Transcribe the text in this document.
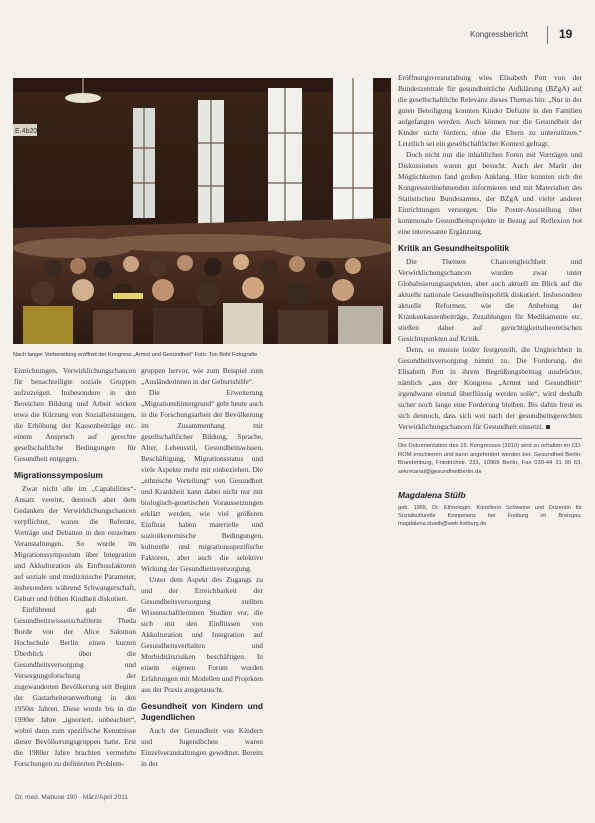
Kongressbericht	19
E.4b20
Nach langer Vorbereitung eröffnet der Kongress „Armut und Gesundheit“ Foto: Ton Bohl Fotografie

Einrichtungen, Verwirklichungschancen für benachteiligte soziale Gruppen aufzuzeigen. Insbesondere in den Bereichen Bildung und Arbeit wirken etwa die Kürzung von Sozialleistungen, die Erhöhung der Kassenbeiträge etc. einem Anspruch auf gerechte gesellschaftliche Bedingungen für Gesundheit entgegen.

Migrationssymposium

Zwar nicht alle im „Capabilities“-Ansatz vereint, dennoch aber dem Gedanken der Verwirklichungschancen verpflichtet, waren die Referate, Vorträge und Debatten in den einzelnen Veranstaltungen. So wurde im Migrationssymposium über Integration und Akkulturation als Einflussfaktoren auf soziale und medizinische Parameter, insbesondere während Schwangerschaft, Geburt und frühen Kindheit diskutiert.

Einführend gab die Gesundheitswissenschaftlerin Theda Borde von der Alice Salomon Hochschule Berlin einen kurzen Überblick über die Gesundheitsversorgung und Versorgungsforschung der zugewanderten Bevölkerung seit Beginn der Gastarbeiteranwerbung in den 1950er Jahren. Diese wurde bis in die 1990er Jahre „ignoriert, unbeachtet“, wobei dann zum spezifische Kenntnisse dieser Bevölkerungsgruppen hatte. Erst die 1980er Jahre brachten vermehrte Forschungen zu definierten Problem-

gruppen hervor, wie zum Beispiel zum „Ausländerinnen in der Geburtshilfe“.

Die Erweiterung „Migrationshintergrund“ geht heute auch in die Forschungsarbeit der Bevölkerung im Zusammenhang mit gesellschaftlicher Bildung, Sprache, Alter, Lebensstil, Gesundheitswissen, Beschäftigung, Migrationsstatus und viele Aspekte mehr mit einbeziehen. Die „ethnische Verteilung“ von Gesundheit und Krankheit kann dabei nicht nur mit biologisch-genetischen Voraussetzungen erklärt werden, wie viel größeren Einfluss haben materielle und sozioökonomische Bedingungen, kulturelle und migrationsspezifische Faktoren, aber auch die selektive Wirkung der Gesundheitsversorgung.

Unter dem Aspekt des Zugangs zu und der Erreichbarkeit der Gesundheitsversorgung stellten Wissenschaftlerinnen Studien vor, die sich mit den Einflüssen von Akkulturation und Integration auf Gesundheitsverhalten und Morbiditätsrisiken beschäftigen. In einem eigenen Forum wurden Erfahrungen mit Modellen und Projekten aus der Praxis ausgetauscht.

Gesundheit von Kindern und Jugendlichen

Auch der Gesundheit von Kindern und Jugendlichen waren Einzelveranstaltungen gewidmet. Bereits in der

Eröffnungsveranstaltung wies Elisabeth Pott von der Bundeszentrale für gesundheitliche Aufklärung (BZgA) auf die gesellschaftliche Relevanz dieses Themas hin: „Nur in der guten Beteiligung konnten Kinder Defizite in den Familien aufgefangen werden. Auch können nur die Gesundheit der Kinder nicht fördern, ohne die Eltern zu unterstützen.“ Letztlich sei ein gesellschaftlicher Kontext gefragt.

Doch nicht nur die inhaltlichen Foren mit Vorträgen und Diskussionen waren gut besucht. Auch der Markt der Möglichkeiten fand großen Anklang. Hier konnten sich die Kongressteilnehmenden informieren und mit Materialien des Statistischen Bundesamtes, der BZgA und vieler anderer Einrichtungen versorgen. Die Poster-Ausstellung über kommunale Gesundheitsprojekte in Bezug auf Reflexion bot eine interessante Ergänzung.

Kritik an Gesundheitspolitik

Die Themen Chancengleichheit und Verwirklichungschancen wurden zwar unter Globalisierungsaspekten, aber auch aktuell im Blick auf die aktuelle nationale Gesundheitspolitik diskutiert. Insbesondere aktuelle Reformen, wie die Anhebung der Krankenkassenbeiträge, Zuzahlungen für Medikamente etc. stießen daher auf gerechtigkeitstheoretischen Gesichtspunkten auf Kritik.

Denn, so musste leider festgestellt, die Ungleichheit in Gesundheitsversorgung nimmt zu. Die Forderung, die Elisabeth Pott in ihrem Begrüßungsbeitrag ausdrückte, nämlich „aus der Kongress „Armut und Gesundheit“ irgendwann einmal überflüssig werden solle“, wird deshalb sicher noch lange eine Forderung bleiben. Bis dahin freut es sich dennoch, dass sich wei nach der gesundheitsgerechten Verwirklichungschancen für Gesundheit einsetzt.

Die Dokumentation des 16. Kongresses (2010) wird zu erhalten im CD-ROM erschienen und kann angefordert werden bei: Gesundheit Berlin-Brandenburg, Friedrichstr. 231, 10969 Berlin, Fax 030-44 31 90 63, sekretariat@gesundheitberlin.de
Magdalena Stülb
geb. 1965, Dr. Ethnologin, Künstlerin Schweine und Dozentin für Sozialkulturelle Kompetenz bei Freiburg im Breisgau, magdalena.stuelb@web.freiburg.de
Dr. med. Mabuse 190 · März/April 2011
